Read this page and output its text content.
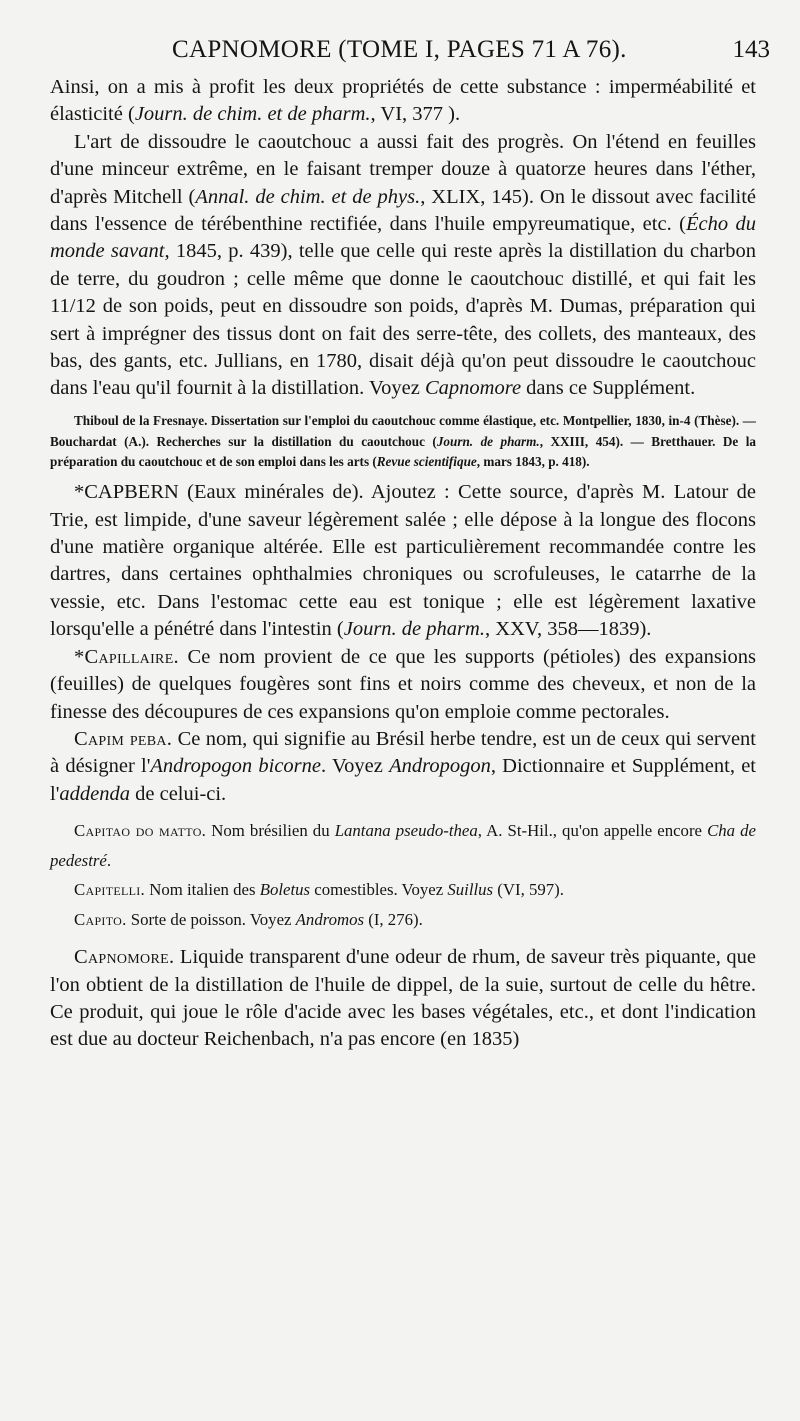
CAPNOMORE (TOME I, PAGES 71 A 76).	143

Ainsi, on a mis à profit les deux propriétés de cette substance : imperméabilité et élasticité (Journ. de chim. et de pharm., VI, 377 ).

L'art de dissoudre le caoutchouc a aussi fait des progrès. On l'étend en feuilles d'une minceur extrême, en le faisant tremper douze à quatorze heures dans l'éther, d'après Mitchell (Annal. de chim. et de phys., XLIX, 145). On le dissout avec facilité dans l'essence de térébenthine rectifiée, dans l'huile empyreumatique, etc. (Écho du monde savant, 1845, p. 439), telle que celle qui reste après la distillation du charbon de terre, du goudron ; celle même que donne le caoutchouc distillé, et qui fait les 11/12 de son poids, peut en dissoudre son poids, d'après M. Dumas, préparation qui sert à imprégner des tissus dont on fait des serre-tête, des collets, des manteaux, des bas, des gants, etc. Jullians, en 1780, disait déjà qu'on peut dissoudre le caoutchouc dans l'eau qu'il fournit à la distillation. Voyez Capnomore dans ce Supplément.

Thiboul de la Fresnaye. Dissertation sur l'emploi du caoutchouc comme élastique, etc. Montpellier, 1830, in-4 (Thèse). — Bouchardat (A.). Recherches sur la distillation du caoutchouc (Journ. de pharm., XXIII, 454). — Bretthauer. De la préparation du caoutchouc et de son emploi dans les arts (Revue scientifique, mars 1843, p. 418).

*CAPBERN (Eaux minérales de). Ajoutez : Cette source, d'après M. Latour de Trie, est limpide, d'une saveur légèrement salée ; elle dépose à la longue des flocons d'une matière organique altérée. Elle est particulièrement recommandée contre les dartres, dans certaines ophthalmies chroniques ou scrofuleuses, le catarrhe de la vessie, etc. Dans l'estomac cette eau est tonique ; elle est légèrement laxative lorsqu'elle a pénétré dans l'intestin (Journ. de pharm., XXV, 358—1839).

*Capillaire. Ce nom provient de ce que les supports (pétioles) des expansions (feuilles) de quelques fougères sont fins et noirs comme des cheveux, et non de la finesse des découpures de ces expansions qu'on emploie comme pectorales.

Capim peba. Ce nom, qui signifie au Brésil herbe tendre, est un de ceux qui servent à désigner l'Andropogon bicorne. Voyez Andropogon, Dictionnaire et Supplément, et l'addenda de celui-ci.

Capitao do matto. Nom brésilien du Lantana pseudo-thea, A. St-Hil., qu'on appelle encore Cha de pedestré.

Capitelli. Nom italien des Boletus comestibles. Voyez Suillus (VI, 597).

Capito. Sorte de poisson. Voyez Andromos (I, 276).

Capnomore. Liquide transparent d'une odeur de rhum, de saveur très piquante, que l'on obtient de la distillation de l'huile de dippel, de la suie, surtout de celle du hêtre. Ce produit, qui joue le rôle d'acide avec les bases végétales, etc., et dont l'indication est due au docteur Reichenbach, n'a pas encore (en 1835)
